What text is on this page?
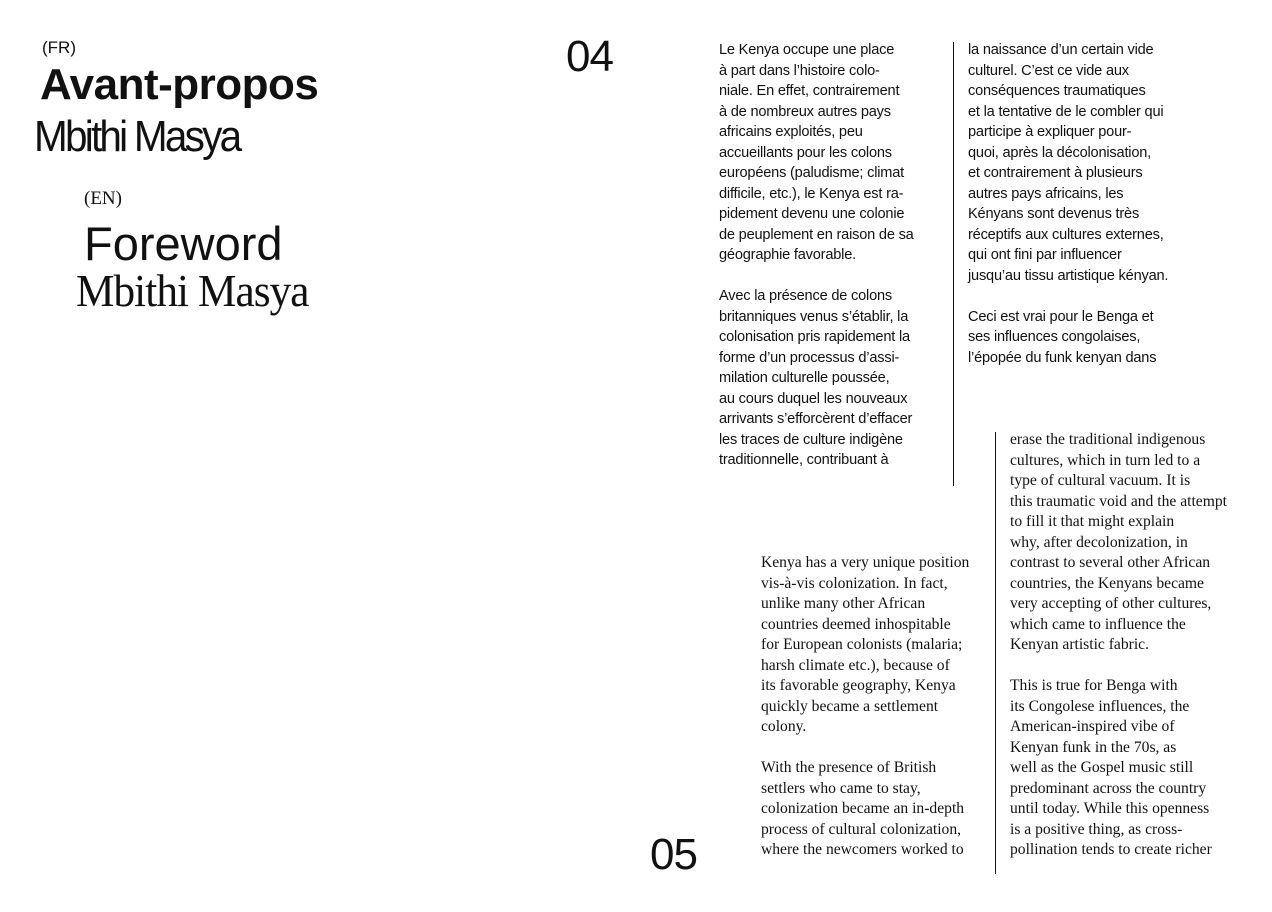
(FR)
Avant-propos
Mbithi Masya
(EN)
Foreword
Mbithi Masya
04
05

Le Kenya occupe une place
à part dans l’histoire colo-
niale. En effet, contrairement
à de nombreux autres pays
africains exploités, peu
accueillants pour les colons
européens (paludisme; climat
difficile, etc.), le Kenya est ra-
pidement devenu une colonie
de peuplement en raison de sa
géographie favorable.

Avec la présence de colons
britanniques venus s’établir, la
colonisation pris rapidement la
forme d’un processus d’assi-
milation culturelle poussée,
au cours duquel les nouveaux
arrivants s’efforcèrent d’effacer
les traces de culture indigène
traditionnelle, contribuant à

la naissance d’un certain vide
culturel. C’est ce vide aux
conséquences traumatiques
et la tentative de le combler qui
participe à expliquer pour-
quoi, après la décolonisation,
et contrairement à plusieurs
autres pays africains, les
Kényans sont devenus très
réceptifs aux cultures externes,
qui ont fini par influencer
jusqu’au tissu artistique kényan.

Ceci est vrai pour le Benga et
ses influences congolaises,
l’épopée du funk kenyan dans

Kenya has a very unique position
vis-à-vis colonization. In fact,
unlike many other African
countries deemed inhospitable
for European colonists (malaria;
harsh climate etc.), because of
its favorable geography, Kenya
quickly became a settlement
colony.

With the presence of British
settlers who came to stay,
colonization became an in-depth
process of cultural colonization,
where the newcomers worked to

erase the traditional indigenous
cultures, which in turn led to a
type of cultural vacuum. It is
this traumatic void and the attempt
to fill it that might explain
why, after decolonization, in
contrast to several other African
countries, the Kenyans became
very accepting of other cultures,
which came to influence the
Kenyan artistic fabric.

This is true for Benga with
its Congolese influences, the
American-inspired vibe of
Kenyan funk in the 70s, as
well as the Gospel music still
predominant across the country
until today. While this openness
is a positive thing, as cross-
pollination tends to create richer
